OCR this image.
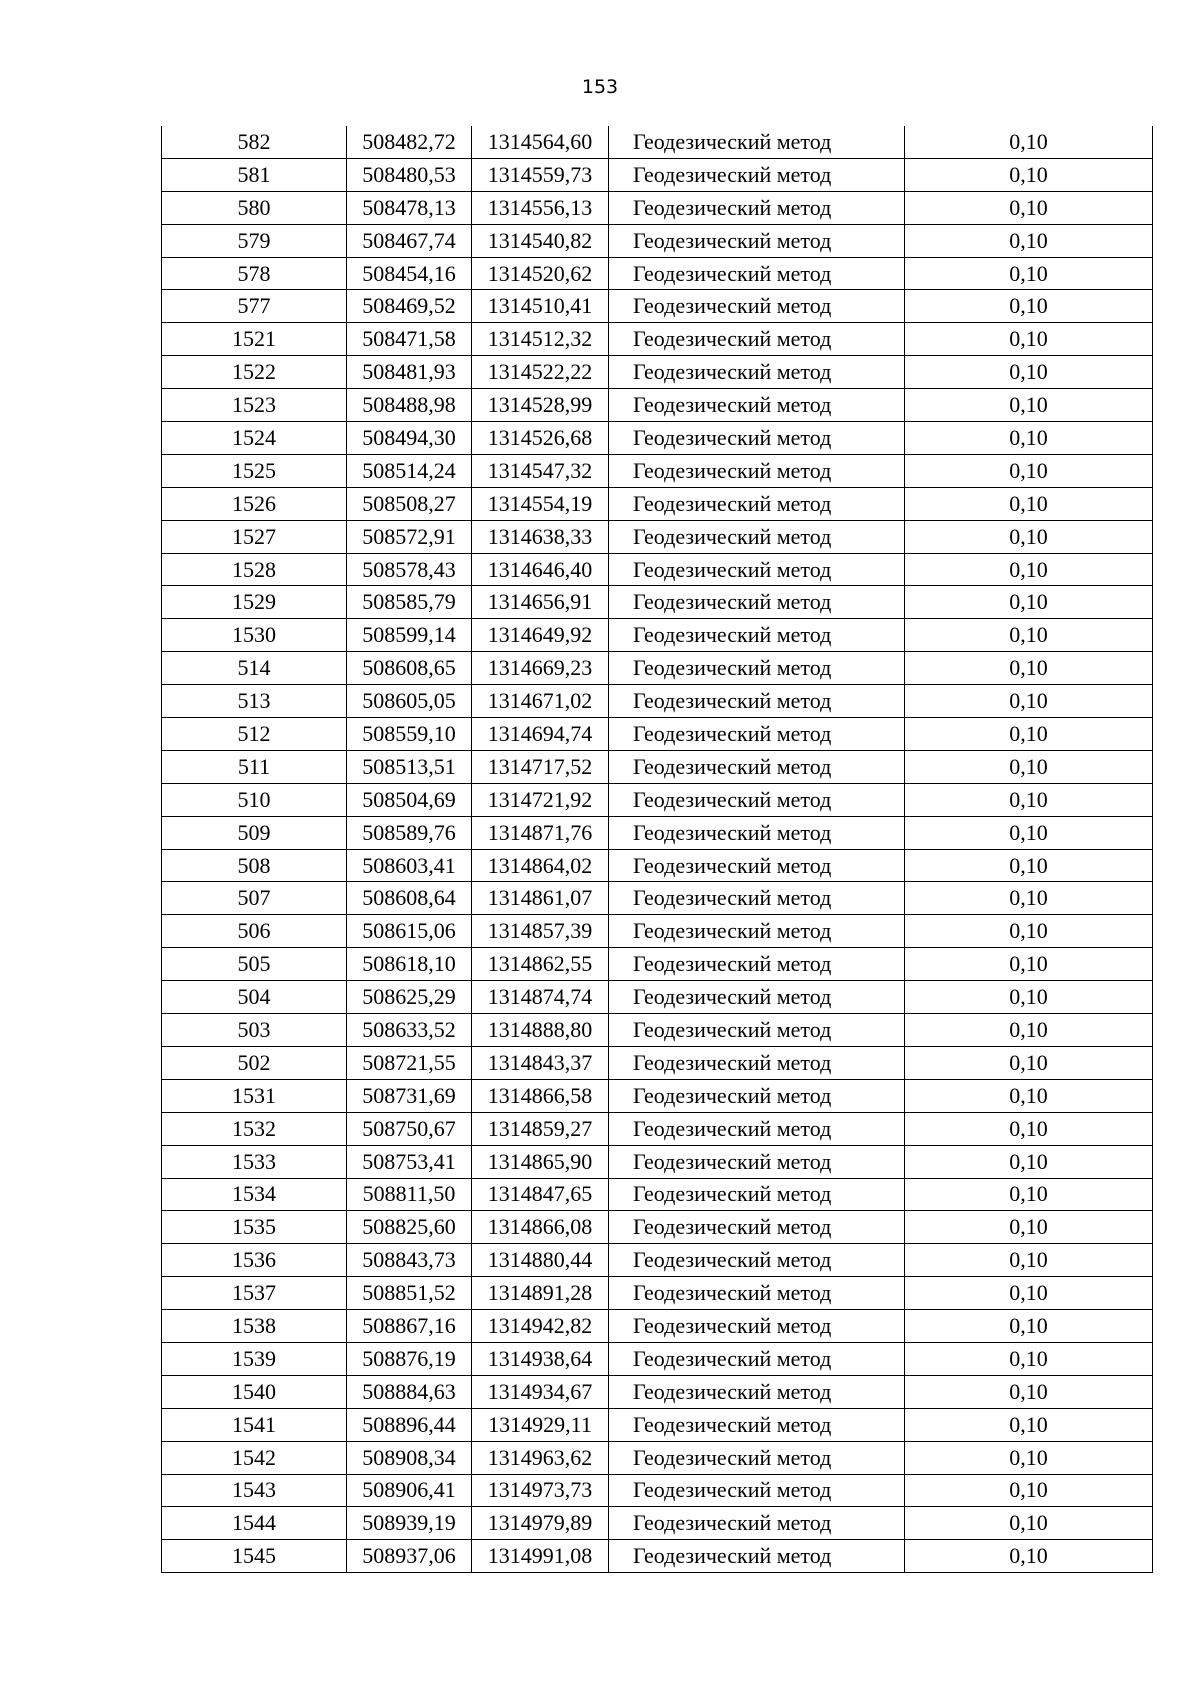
153
582	508482,72	1314564,60	Геодезический метод	0,10
581	508480,53	1314559,73	Геодезический метод	0,10
580	508478,13	1314556,13	Геодезический метод	0,10
579	508467,74	1314540,82	Геодезический метод	0,10
578	508454,16	1314520,62	Геодезический метод	0,10
577	508469,52	1314510,41	Геодезический метод	0,10
1521	508471,58	1314512,32	Геодезический метод	0,10
1522	508481,93	1314522,22	Геодезический метод	0,10
1523	508488,98	1314528,99	Геодезический метод	0,10
1524	508494,30	1314526,68	Геодезический метод	0,10
1525	508514,24	1314547,32	Геодезический метод	0,10
1526	508508,27	1314554,19	Геодезический метод	0,10
1527	508572,91	1314638,33	Геодезический метод	0,10
1528	508578,43	1314646,40	Геодезический метод	0,10
1529	508585,79	1314656,91	Геодезический метод	0,10
1530	508599,14	1314649,92	Геодезический метод	0,10
514	508608,65	1314669,23	Геодезический метод	0,10
513	508605,05	1314671,02	Геодезический метод	0,10
512	508559,10	1314694,74	Геодезический метод	0,10
511	508513,51	1314717,52	Геодезический метод	0,10
510	508504,69	1314721,92	Геодезический метод	0,10
509	508589,76	1314871,76	Геодезический метод	0,10
508	508603,41	1314864,02	Геодезический метод	0,10
507	508608,64	1314861,07	Геодезический метод	0,10
506	508615,06	1314857,39	Геодезический метод	0,10
505	508618,10	1314862,55	Геодезический метод	0,10
504	508625,29	1314874,74	Геодезический метод	0,10
503	508633,52	1314888,80	Геодезический метод	0,10
502	508721,55	1314843,37	Геодезический метод	0,10
1531	508731,69	1314866,58	Геодезический метод	0,10
1532	508750,67	1314859,27	Геодезический метод	0,10
1533	508753,41	1314865,90	Геодезический метод	0,10
1534	508811,50	1314847,65	Геодезический метод	0,10
1535	508825,60	1314866,08	Геодезический метод	0,10
1536	508843,73	1314880,44	Геодезический метод	0,10
1537	508851,52	1314891,28	Геодезический метод	0,10
1538	508867,16	1314942,82	Геодезический метод	0,10
1539	508876,19	1314938,64	Геодезический метод	0,10
1540	508884,63	1314934,67	Геодезический метод	0,10
1541	508896,44	1314929,11	Геодезический метод	0,10
1542	508908,34	1314963,62	Геодезический метод	0,10
1543	508906,41	1314973,73	Геодезический метод	0,10
1544	508939,19	1314979,89	Геодезический метод	0,10
1545	508937,06	1314991,08	Геодезический метод	0,10
